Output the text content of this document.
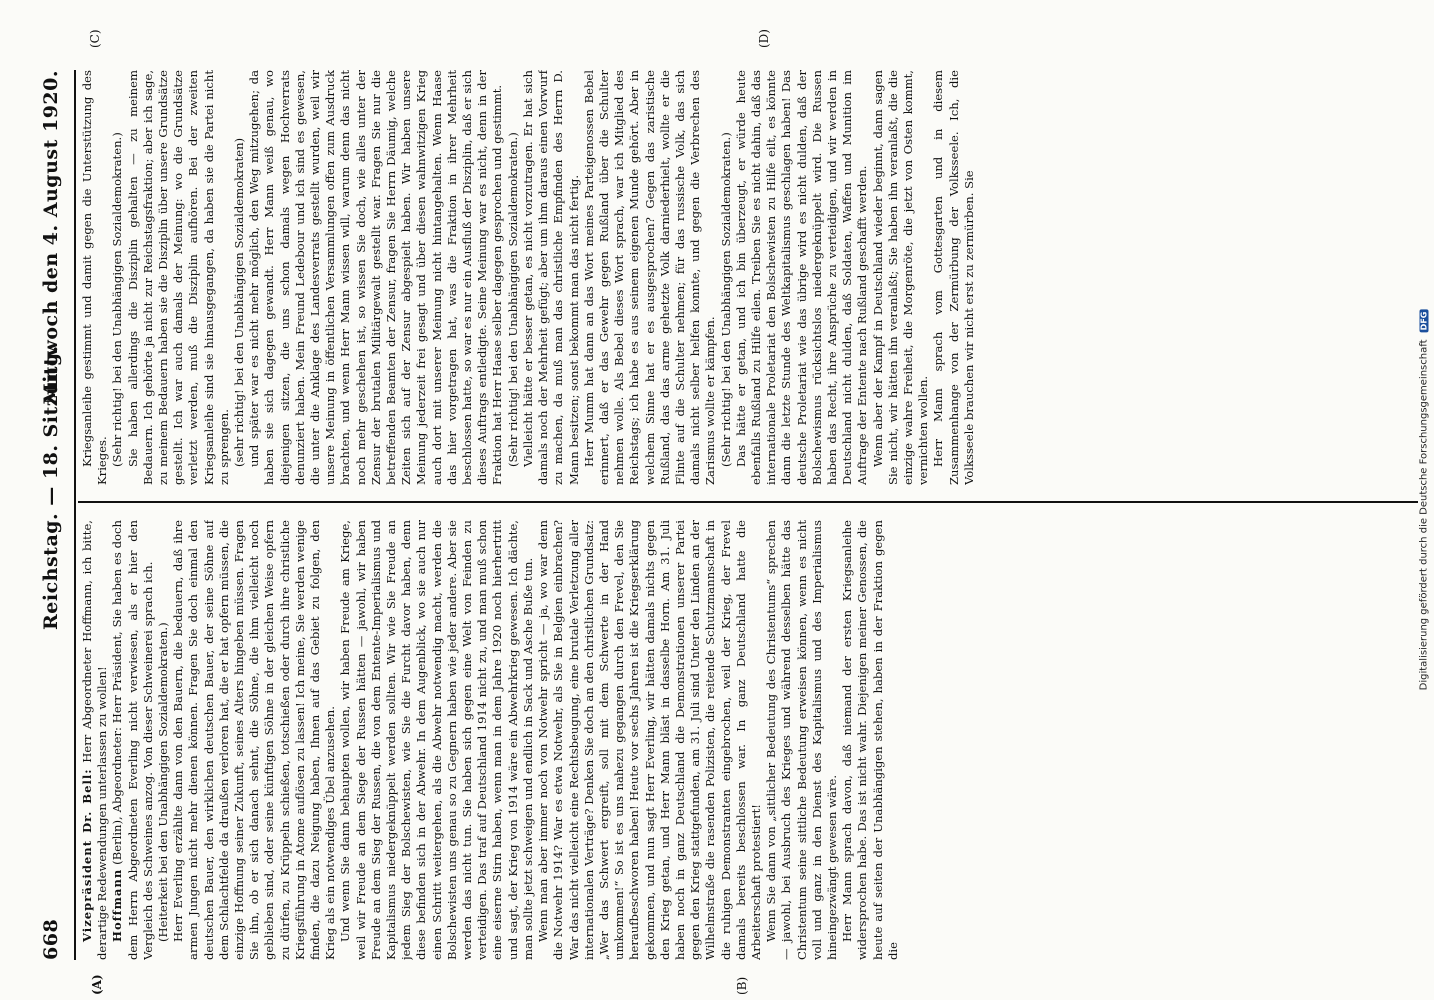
668
Reichstag. — 18. Sitzung.
Mittwoch den 4. August 1920.
(A)	(B)
(C)	(D)

Vizepräsident Dr. Bell: Herr Abgeordneter Hoffmann, ich bitte, derartige Redewendungen unterlassen zu wollen! Hoffmann (Berlin), Abgeordneter: Herr Präsident, Sie haben es doch dem Herrn Abgeordneten Everling nicht verwiesen, als er hier den Vergleich des Schweines anzog. Von dieser Schweinerei sprach ich. (Heiterkeit bei den Unabhängigen Sozialdemokraten.) Herr Everling erzählte dann von den Bauern, die bedauern, daß ihre armen Jungen nicht mehr dienen können. Fragen Sie doch einmal den deutschen Bauer, den wirklichen deutschen Bauer, der seine Söhne auf dem Schlachtfelde da draußen verloren hat, die er hat opfern müssen, die einzige Hoffnung seiner Zukunft, seines Alters hingeben müssen. Fragen Sie ihn, ob er sich danach sehnt, die Söhne, die ihm vielleicht noch geblieben sind, oder seine künftigen Söhne in der gleichen Weise opfern zu dürfen, zu Krüppeln schießen, totschießen oder durch ihre christliche Kriegsführung in Atome auflösen zu lassen! Ich meine, Sie werden wenige finden, die dazu Neigung haben, Ihnen auf das Gebiet zu folgen, den Krieg als ein notwendiges Übel anzusehen. Und wenn Sie dann behaupten wollen, wir haben Freude am Kriege, weil wir Freude an dem Siege der Russen hätten — jawohl, wir haben Freude an dem Sieg der Russen, die von dem Entente-Imperialismus und Kapitalismus niedergeknüppelt werden sollten. Wir wie Sie Freude an jedem Sieg der Bolschewisten, wie Sie die Furcht davor haben, denn diese befinden sich in der Abwehr. In dem Augenblick, wo sie auch nur einen Schritt weitergehen, als die Abwehr notwendig macht, werden die Bolschewisten uns genau so zu Gegnern haben wie jeder andere. Aber sie werden das nicht tun. Sie haben sich gegen eine Welt von Feinden zu verteidigen. Das traf auf Deutschland 1914 nicht zu, und man muß schon eine eiserne Stirn haben, wenn man in dem Jahre 1920 noch hierhertritt und sagt, der Krieg von 1914 wäre ein Abwehrkrieg gewesen. Ich dächte, man sollte jetzt schweigen und endlich in Sack und Asche Buße tun. Wenn man aber immer noch von Notwehr spricht — ja, wo war denn die Notwehr 1914? War es etwa Notwehr, als Sie in Belgien einbrachen? War das nicht vielleicht eine Rechtsbeugung, eine brutale Verletzung aller internationalen Verträge? Denken Sie doch an den christlichen Grundsatz: „Wer das Schwert ergreift, soll mit dem Schwerte in der Hand umkommen!“ So ist es uns nahezu gegangen durch den Frevel, den Sie heraufbeschworen haben! Heute vor sechs Jahren ist die Kriegserklärung gekommen, und nun sagt Herr Everling, wir hätten damals nichts gegen den Krieg getan, und Herr Mann bläst in dasselbe Horn. Am 31. Juli haben noch in ganz Deutschland die Demonstrationen unserer Partei gegen den Krieg stattgefunden, am 31. Juli sind Unter den Linden an der Wilhelmstraße die rasenden Polizisten, die reitende Schutzmannschaft in die ruhigen Demonstranten eingebrochen, weil der Krieg, der Frevel damals bereits beschlossen war. In ganz Deutschland hatte die Arbeiterschaft protestiert! Wenn Sie dann von „sittlicher Bedeutung des Christentums“ sprechen — jawohl, bei Ausbruch des Krieges und während desselben hätte das Christentum seine sittliche Bedeutung erweisen können, wenn es nicht voll und ganz in den Dienst des Kapitalismus und des Imperialismus hineingezwängt gewesen wäre. Herr Mann sprach davon, daß niemand der ersten Kriegsanleihe widersprochen habe. Das ist nicht wahr. Diejenigen meiner Genossen, die heute auf seiten der Unabhängigen stehen, haben in der Fraktion gegen die

Kriegsanleihe gestimmt und damit gegen die Unterstützung des Krieges. (Sehr richtig! bei den Unabhängigen Sozialdemokraten.) Sie haben allerdings die Disziplin gehalten — zu meinem Bedauern. Ich gehörte ja nicht zur Reichstagsfraktion; aber ich sage, zu meinem Bedauern haben sie die Disziplin über unsere Grundsätze gestellt. Ich war auch damals der Meinung: wo die Grundsätze verletzt werden, muß die Disziplin aufhören. Bei der zweiten Kriegsanleihe sind sie hinausgegangen, da haben sie die Partei nicht zu sprengen. (sehr richtig! bei den Unabhängigen Sozialdemokraten) und später war es nicht mehr möglich, den Weg mitzugehen; da haben sie sich dagegen gewandt. Herr Mann weiß genau, wo diejenigen sitzen, die uns schon damals wegen Hochverrats denunziert haben. Mein Freund Ledebour und ich sind es gewesen, die unter die Anklage des Landesverrats gestellt wurden, weil wir unsere Meinung in öffentlichen Versammlungen offen zum Ausdruck brachten, und wenn Herr Mann wissen will, warum denn das nicht noch mehr geschehen ist, so wissen Sie doch, wie alles unter der Zensur der brutalen Militärgewalt gestellt war. Fragen Sie nur die betreffenden Beamten der Zensur, fragen Sie Herrn Däumig, welche Zeiten sich auf der Zensur abgespielt haben. Wir haben unsere Meinung jederzeit frei gesagt und über diesen wahnwitzigen Krieg auch dort mit unserer Meinung nicht hintangehalten. Wenn Haase das hier vorgetragen hat, was die Fraktion in ihrer Mehrheit beschlossen hatte, so war es nur ein Ausfluß der Disziplin, daß er sich dieses Auftrags entledigte. Seine Meinung war es nicht, denn in der Fraktion hat Herr Haase selber dagegen gesprochen und gestimmt. (Sehr richtig! bei den Unabhängigen Sozialdemokraten.) Vielleicht hätte er besser getan, es nicht vorzutragen. Er hat sich damals noch der Mehrheit gefügt; aber um ihm daraus einen Vorwurf zu machen, da muß man das christliche Empfinden des Herrn D. Mann besitzen; sonst bekommt man das nicht fertig. Herr Mumm hat dann an das Wort meines Parteigenossen Bebel erinnert, daß er das Gewehr gegen Rußland über die Schulter nehmen wolle. Als Bebel dieses Wort sprach, war ich Mitglied des Reichstags; ich habe es aus seinem eigenen Munde gehört. Aber in welchem Sinne hat er es ausgesprochen? Gegen das zaristische Rußland, das das arme gehetzte Volk darniederhielt, wollte er die Flinte auf die Schulter nehmen; für das russische Volk, das sich damals nicht selber helfen konnte, und gegen die Verbrechen des Zarismus wollte er kämpfen. (Sehr richtig! bei den Unabhängigen Sozialdemokraten.) Das hätte er getan, und ich bin überzeugt, er würde heute ebenfalls Rußland zu Hilfe eilen. Treiben Sie es nicht dahin, daß das internationale Proletariat den Bolschewisten zu Hilfe eilt, es könnte dann die letzte Stunde des Weltkapitalismus geschlagen haben! Das deutsche Proletariat wie das übrige wird es nicht dulden, daß der Bolschewismus rücksichtslos niedergeknüppelt wird. Die Russen haben das Recht, ihre Ansprüche zu verteidigen, und wir werden in Deutschland nicht dulden, daß Soldaten, Waffen und Munition im Auftrage der Entente nach Rußland geschafft werden. Wenn aber der Kampf in Deutschland wieder beginnt, dann sagen Sie nicht, wir hätten ihn veranlaßt; Sie haben ihn veranlaßt, die die einzige wahre Freiheit, die Morgenröte, die jetzt von Osten kommt, vernichten wollen. Herr Mann sprach vom Gottesgarten und in diesem Zusammenhange von der Zermürbung der Volksseele. Ich, die Volksseele brauchen wir nicht erst zu zermürben. Sie

Digitalisierung gefördert durch die Deutsche Forschungsgemeinschaft DFG
